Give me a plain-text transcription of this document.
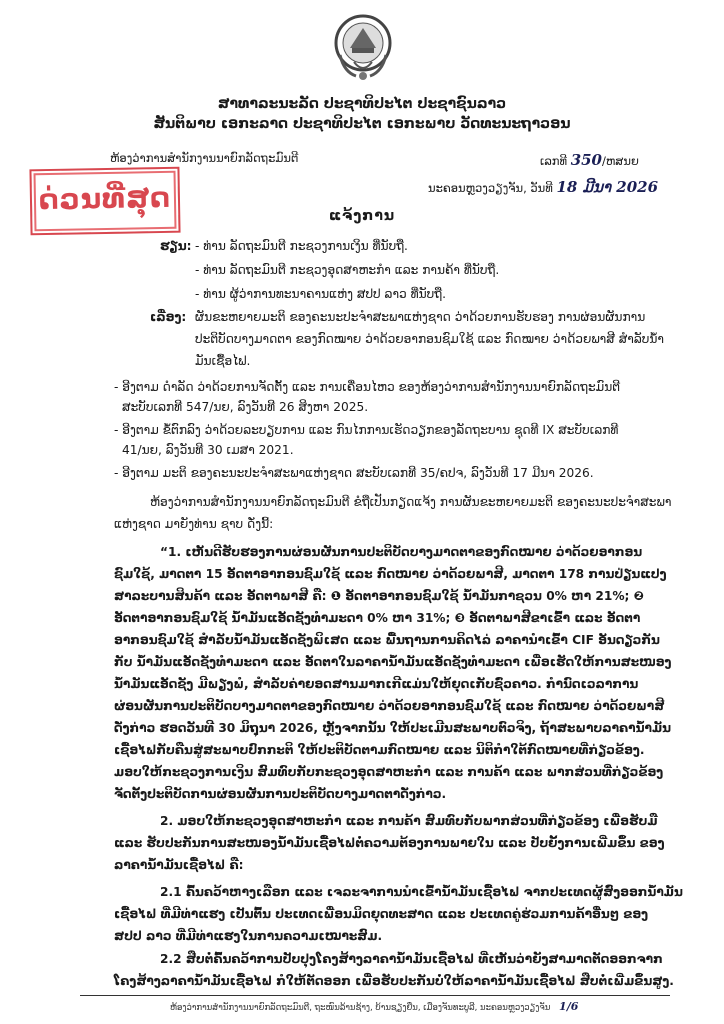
ສາທາລະນະລັດ ປະຊາທິປະໄຕ ປະຊາຊົນລາວ
ສັນຕິພາບ ເອກະລາດ ປະຊາທິປະໄຕ ເອກະພາບ ວັດທະນະຖາວອນ
ຫ້ອງວ່າການສຳນັກງານນາຍົກລັດຖະມົນຕີ	ເລກທີ 350/ຫສນຍ
ນະຄອນຫຼວງວຽງຈັນ, ວັນທີ 18 ມີນາ 2026
ດ່ວນທີ່ສຸດ	ແຈ້ງການ
ຮຽນ: - ທ່ານ ລັດຖະມົນຕີ ກະຊວງການເງິນ ທີ່ນັບຖື.
- ທ່ານ ລັດຖະມົນຕີ ກະຊວງອຸດສາຫະກຳ ແລະ ການຄ້າ ທີ່ນັບຖື.
- ທ່ານ ຜູ້ວ່າການທະນາຄານແຫ່ງ ສປປ ລາວ ທີ່ນັບຖື.
ເລື່ອງ: ຜັນຂະຫຍາຍມະຕິ ຂອງຄະນະປະຈຳສະພາແຫ່ງຊາດ ວ່າດ້ວຍການຮັບຮອງ ການຜ່ອນຜັນການ
ປະຕິບັດບາງມາດຕາ ຂອງກົດໝາຍ ວ່າດ້ວຍອາກອນຊົມໃຊ້ ແລະ ກົດໝາຍ ວ່າດ້ວຍພາສີ ສຳລັບນ້ຳ
ມັນເຊື້ອໄຟ.
- ອີງຕາມ ດຳລັດ ວ່າດ້ວຍການຈັດຕັ້ງ ແລະ ການເຄື່ອນໄຫວ ຂອງຫ້ອງວ່າການສຳນັກງານນາຍົກລັດຖະມົນຕີ
ສະບັບເລກທີ 547/ນຍ, ລົງວັນທີ 26 ສິງຫາ 2025.
- ອີງຕາມ ຂໍ້ຕົກລົງ ວ່າດ້ວຍລະບຽບການ ແລະ ກົນໄກການເຮັດວຽກຂອງລັດຖະບານ ຊຸດທີ IX ສະບັບເລກທີ
41/ນຍ, ລົງວັນທີ 30 ເມສາ 2021.
- ອີງຕາມ ມະຕິ ຂອງຄະນະປະຈຳສະພາແຫ່ງຊາດ ສະບັບເລກທີ 35/ຄປຈ, ລົງວັນທີ 17 ມີນາ 2026.
ຫ້ອງວ່າການສຳນັກງານນາຍົກລັດຖະມົນຕີ ຂໍຖືເປັນກຽດແຈ້ງ ການຜັນຂະຫຍາຍມະຕິ ຂອງຄະນະປະຈຳສະພາ
ແຫ່ງຊາດ ມາຍັງທ່ານ ຊາບ ດັ່ງນີ້:
“1. ເຫັນດີຮັບຮອງການຜ່ອນຜັນການປະຕິບັດບາງມາດຕາຂອງກົດໝາຍ ວ່າດ້ວຍອາກອນ
ຊົມໃຊ້, ມາດຕາ 15 ອັດຕາອາກອນຊົມໃຊ້ ແລະ ກົດໝາຍ ວ່າດ້ວຍພາສີ, ມາດຕາ 178 ການປ່ຽນແປງ
ສາລະບານສິນຄ້າ ແລະ ອັດຕາພາສີ ຄື: ❶ ອັດຕາອາກອນຊົມໃຊ້ ນ້ຳມັນກາຊວນ 0% ຫາ 21%; ❷
ອັດຕາອາກອນຊົມໃຊ້ ນ້ຳມັນແອັດຊັງທຳມະດາ 0% ຫາ 31%; ❸ ອັດຕາພາສີຂາເຂົ້າ ແລະ ອັດຕາ
ອາກອນຊົມໃຊ້ ສຳລັບນ້ຳມັນແອັດຊັງພິເສດ ແລະ ພື້ນຖານການຄິດໄລ່ ລາຄານຳເຂົ້າ CIF ອັນດຽວກັນ
ກັບ ນ້ຳມັນແອັດຊັງທຳມະດາ ແລະ ອັດຕາໃນລາຄານ້ຳມັນແອັດຊັງທຳມະດາ ເພື່ອເຮັດໃຫ້ການສະໜອງ
ນ້ຳມັນແອັດຊັງ ມີພຽງພໍ, ສຳລັບຄ່າຍອດສານມາກເກີແມ່ນໃຫ້ຍຸດເກັບຊົ່ວຄາວ. ກຳນົດເວລາການ
ຜ່ອນຜັນການປະຕິບັດບາງມາດຕາຂອງກົດໝາຍ ວ່າດ້ວຍອາກອນຊົມໃຊ້ ແລະ ກົດໝາຍ ວ່າດ້ວຍພາສີ
ດັ່ງກ່າວ ຮອດວັນທີ 30 ມິຖຸນາ 2026, ຫຼັງຈາກນັ້ນ ໃຫ້ປະເມີນສະພາບຕົວຈິງ, ຖ້າສະພາບລາຄານ້ຳມັນ
ເຊື້ອໄຟກັບຄືນສູ່ສະພາບປົກກະຕິ ໃຫ້ປະຕິບັດຕາມກົດໝາຍ ແລະ ນິຕິກຳໃຕ້ກົດໝາຍທີ່ກ່ຽວຂ້ອງ.
ມອບໃຫ້ກະຊວງການເງິນ ສົມທົບກັບກະຊວງອຸດສາຫະກຳ ແລະ ການຄ້າ ແລະ ພາກສ່ວນທີ່ກ່ຽວຂ້ອງ
ຈັດຕັ້ງປະຕິບັດການຜ່ອນຜັນການປະຕິບັດບາງມາດຕາດັ່ງກ່າວ.
2. ມອບໃຫ້ກະຊວງອຸດສາຫະກຳ ແລະ ການຄ້າ ສົມທົບກັບພາກສ່ວນທີ່ກ່ຽວຂ້ອງ ເພື່ອຮັບມື
ແລະ ຮັບປະກັນການສະໜອງນ້ຳມັນເຊື້ອໄຟຕໍ່ຄວາມຕ້ອງການພາຍໃນ ແລະ ປັບຍັ້ງການເພີ່ມຂຶ້ນ ຂອງ
ລາຄານ້ຳມັນເຊື້ອໄຟ ຄື:
2.1 ຄົ້ນຄວ້າຫາງເລືອກ ແລະ ເຈລະຈາການນຳເຂົ້ານ້ຳມັນເຊື້ອໄຟ ຈາກປະເທດຜູ້ສົ່ງອອກນ້ຳມັນ
ເຊື້ອໄຟ ທີ່ມີທ່າແຮງ ເປັນຕົ້ນ ປະເທດເພື່ອນມິດຍຸດທະສາດ ແລະ ປະເທດຄູ່ຮ່ວມການຄ້າອື່ນໆ ຂອງ
ສປປ ລາວ ທີ່ມີທ່າແຮງໃນການຄວາມເໝາະສົມ.
2.2 ສືບຕໍ່ຄົ້ນຄວ້າການປັບປຸງໂຄງສ້າງລາຄານ້ຳມັນເຊື້ອໄຟ ທີ່ເຫັນວ່າຍັງສາມາດຕັດອອກຈາກ
ໂຄງສ້າງລາຄານ້ຳມັນເຊື້ອໄຟ ກໍໃຫ້ຕັດອອກ ເພື່ອຮັບປະກັນບໍ່ໃຫ້ລາຄານ້ຳມັນເຊື້ອໄຟ ສືບຕໍ່ເພີ່ມຂຶ້ນສູງ.
ຫ້ອງວ່າການສຳນັກງານນາຍົກລັດຖະມົນຕີ, ຖະໜົນລ້ານຊ້າງ, ບ້ານຊຽງຍືນ, ເມືອງຈັນທະບູລີ, ນະຄອນຫຼວງວຽງຈັນ 1/6
